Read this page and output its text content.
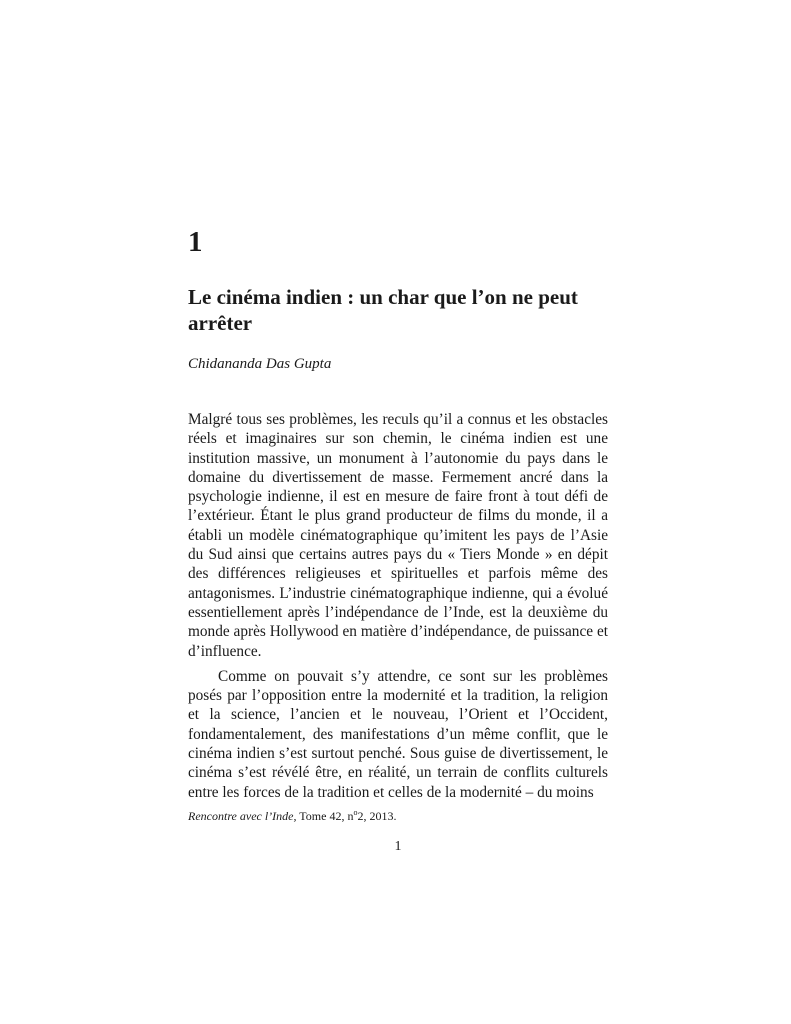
1
Le cinéma indien : un char que l’on ne peut arrêter
Chidananda Das Gupta

Malgré tous ses problèmes, les reculs qu’il a connus et les obstacles réels et imaginaires sur son chemin, le cinéma indien est une institution massive, un monument à l’autonomie du pays dans le domaine du divertissement de masse. Fermement ancré dans la psychologie indienne, il est en mesure de faire front à tout défi de l’extérieur. Étant le plus grand producteur de films du monde, il a établi un modèle cinématographique qu’imitent les pays de l’Asie du Sud ainsi que certains autres pays du « Tiers Monde » en dépit des différences religieuses et spirituelles et parfois même des antagonismes. L’industrie cinématographique indienne, qui a évolué essentiellement après l’indépendance de l’Inde, est la deuxième du monde après Hollywood en matière d’indépendance, de puissance et d’influence.

Comme on pouvait s’y attendre, ce sont sur les problèmes posés par l’opposition entre la modernité et la tradition, la religion et la science, l’ancien et le nouveau, l’Orient et l’Occident, fondamentalement, des manifestations d’un même conflit, que le cinéma indien s’est surtout penché. Sous guise de divertissement, le cinéma s’est révélé être, en réalité, un terrain de conflits culturels entre les forces de la tradition et celles de la modernité – du moins

Rencontre avec l’Inde, Tome 42, $n^o2$, 2013.
1
